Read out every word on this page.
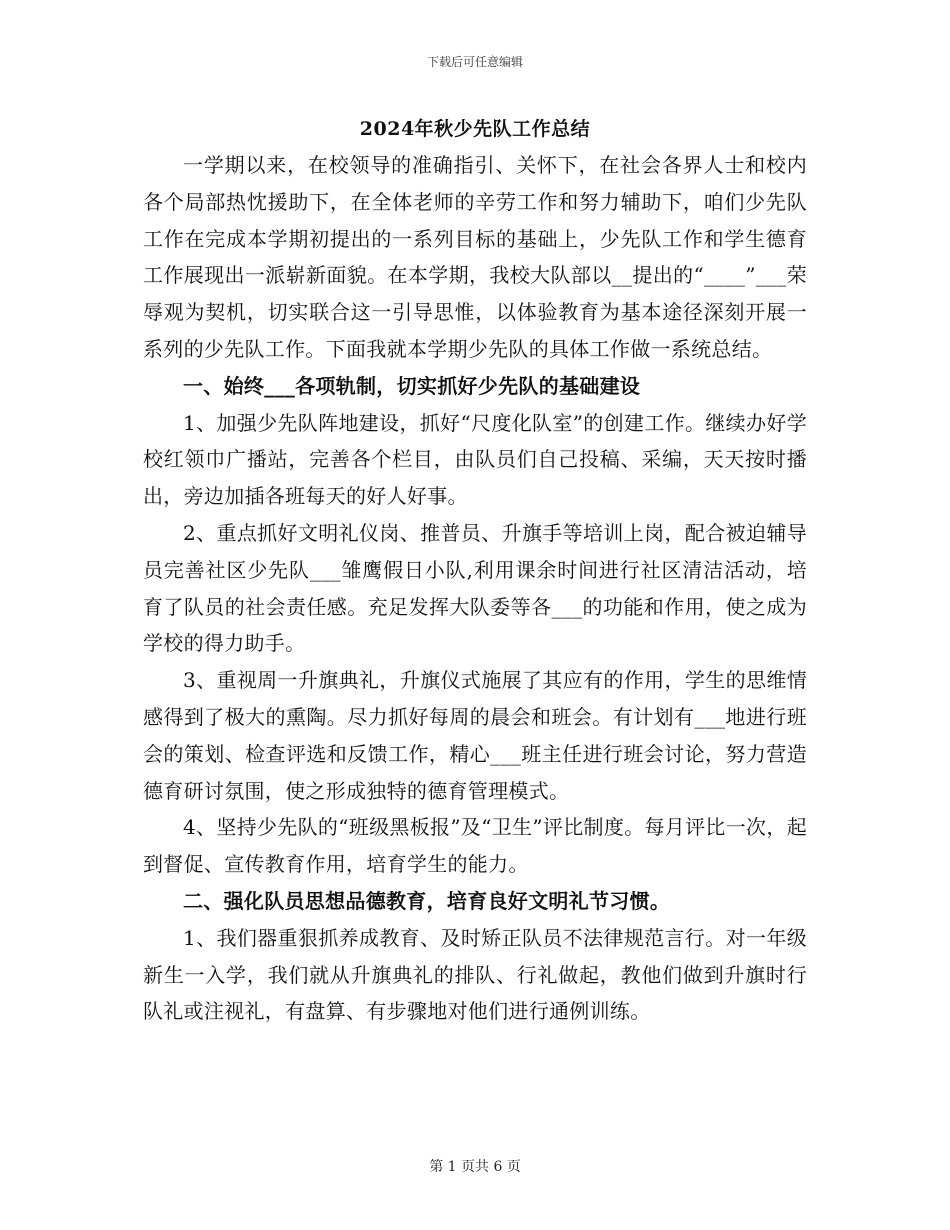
下载后可任意编辑
2024年秋少先队工作总结

一学期以来，在校领导的准确指引、关怀下，在社会各界人士和校内各个局部热忱援助下，在全体老师的辛劳工作和努力辅助下，咱们少先队工作在完成本学期初提出的一系列目标的基础上，少先队工作和学生德育工作展现出一派崭新面貌。在本学期，我校大队部以__提出的“____”___荣辱观为契机，切实联合这一引导思惟，以体验教育为基本途径深刻开展一系列的少先队工作。下面我就本学期少先队的具体工作做一系统总结。

一、始终___各项轨制，切实抓好少先队的基础建设

1、加强少先队阵地建设，抓好“尺度化队室”的创建工作。继续办好学校红领巾广播站，完善各个栏目，由队员们自己投稿、采编，天天按时播出，旁边加插各班每天的好人好事。

2、重点抓好文明礼仪岗、推普员、升旗手等培训上岗，配合被迫辅导员完善社区少先队___雏鹰假日小队,利用课余时间进行社区清洁活动，培育了队员的社会责任感。充足发挥大队委等各___的功能和作用，使之成为学校的得力助手。

3、重视周一升旗典礼，升旗仪式施展了其应有的作用，学生的思维情感得到了极大的熏陶。尽力抓好每周的晨会和班会。有计划有___地进行班会的策划、检查评选和反馈工作，精心___班主任进行班会讨论，努力营造德育研讨氛围，使之形成独特的德育管理模式。

4、坚持少先队的“班级黑板报”及“卫生”评比制度。每月评比一次，起到督促、宣传教育作用，培育学生的能力。

二、强化队员思想品德教育，培育良好文明礼节习惯。

1、我们器重狠抓养成教育、及时矫正队员不法律规范言行。对一年级新生一入学，我们就从升旗典礼的排队、行礼做起，教他们做到升旗时行队礼或注视礼，有盘算、有步骤地对他们进行通例训练。

第 1 页共 6 页
